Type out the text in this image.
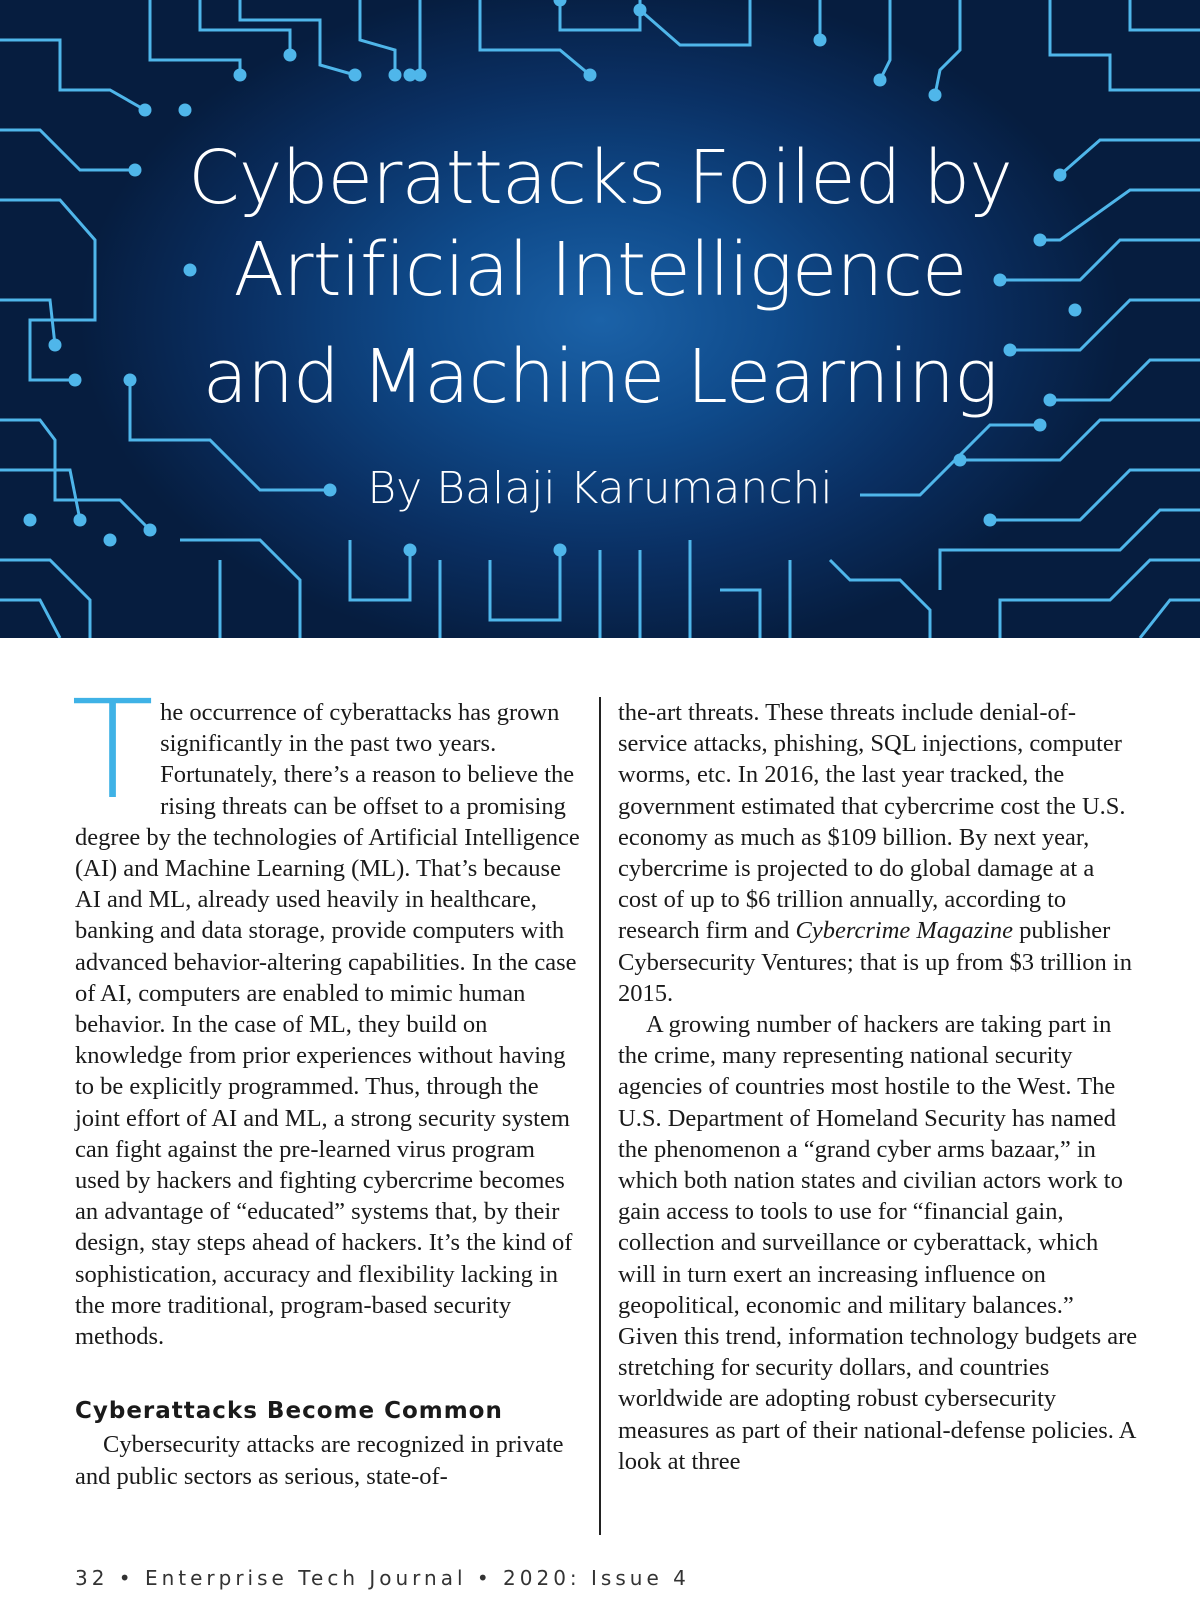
Cyberattacks Foiled by
Artificial Intelligence
and Machine Learning
By Balaji Karumanchi

The occurrence of cyberattacks has grown significantly in the past two years. Fortunately, there’s a reason to believe the rising threats can be offset to a promising degree by the technologies of Artificial Intelligence (AI) and Machine Learning (ML). That’s because AI and ML, already used heavily in healthcare, banking and data storage, provide computers with advanced behavior-altering capabilities. In the case of AI, computers are enabled to mimic human behavior. In the case of ML, they build on knowledge from prior experiences without having to be explicitly programmed. Thus, through the joint effort of AI and ML, a strong security system can fight against the pre-learned virus program used by hackers and fighting cybercrime becomes an advantage of “educated” systems that, by their design, stay steps ahead of hackers. It’s the kind of sophistication, accuracy and flexibility lacking in the more traditional, program-based security methods.

Cyberattacks Become Common

Cybersecurity attacks are recognized in private and public sectors as serious, state-of-

the-art threats. These threats include denial-of-service attacks, phishing, SQL injections, computer worms, etc. In 2016, the last year tracked, the government estimated that cybercrime cost the U.S. economy as much as $109 billion. By next year, cybercrime is projected to do global damage at a cost of up to $6 trillion annually, according to research firm and Cybercrime Magazine publisher Cybersecurity Ventures; that is up from $3 trillion in 2015.

A growing number of hackers are taking part in the crime, many representing national security agencies of countries most hostile to the West. The U.S. Department of Homeland Security has named the phenomenon a “grand cyber arms bazaar,” in which both nation states and civilian actors work to gain access to tools to use for “financial gain, collection and surveillance or cyberattack, which will in turn exert an increasing influence on geopolitical, economic and military balances.” Given this trend, information technology budgets are stretching for security dollars, and countries worldwide are adopting robust cybersecurity measures as part of their national-defense policies. A look at three

32 • Enterprise Tech Journal • 2020: Issue 4
